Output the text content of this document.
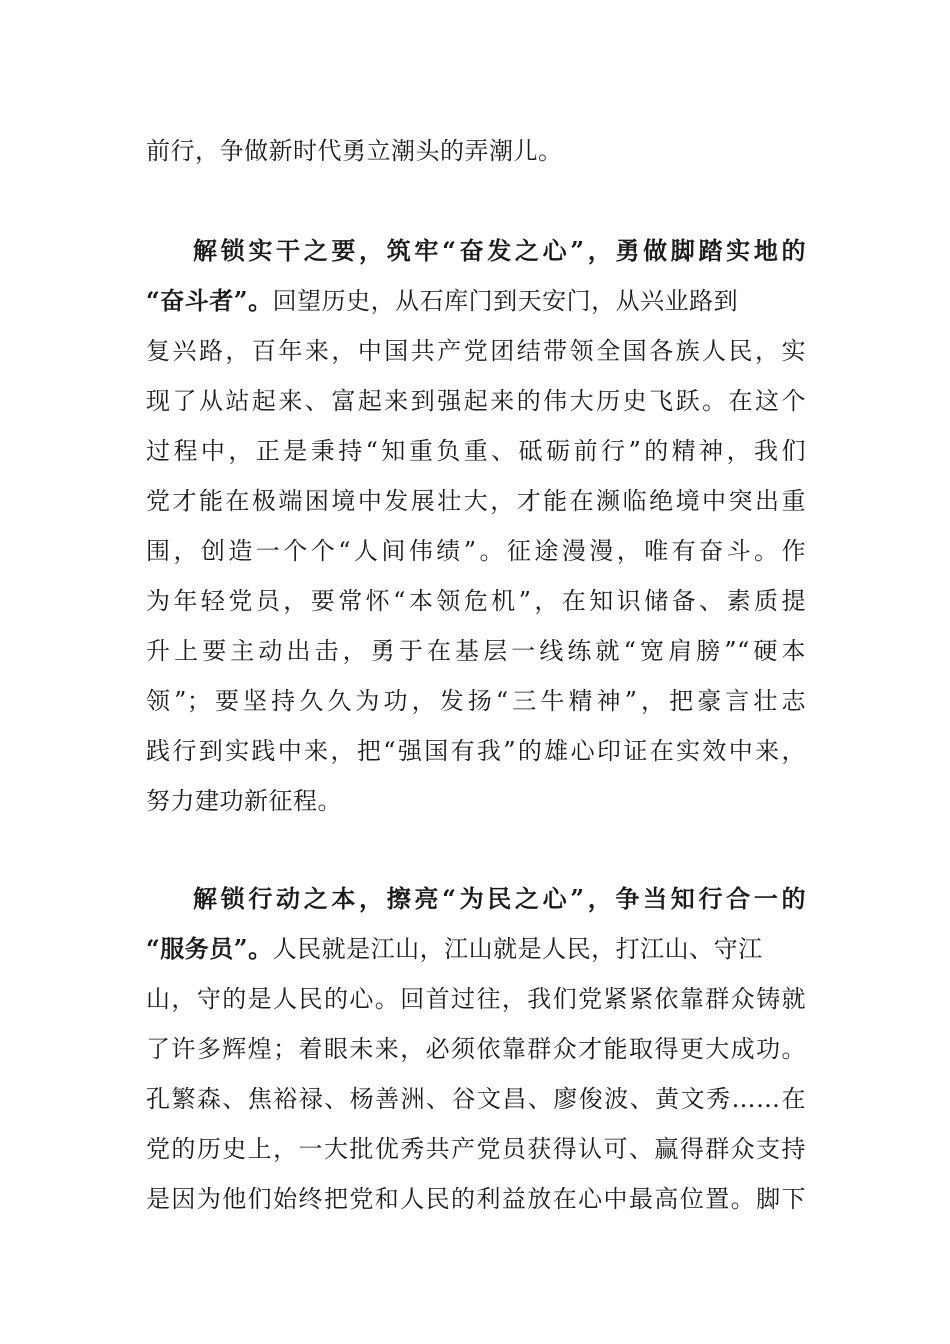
前行，争做新时代勇立潮头的弄潮儿。
解锁实干之要，筑牢“奋发之心”，勇做脚踏实地的
“奋斗者”。回望历史，从石库门到天安门，从兴业路到
复兴路，百年来，中国共产党团结带领全国各族人民，实
现了从站起来、富起来到强起来的伟大历史飞跃。在这个
过程中，正是秉持“知重负重、砥砺前行”的精神，我们
党才能在极端困境中发展壮大，才能在濒临绝境中突出重
围，创造一个个“人间伟绩”。征途漫漫，唯有奋斗。作
为年轻党员，要常怀“本领危机”，在知识储备、素质提
升上要主动出击，勇于在基层一线练就“宽肩膀”“硬本
领”；要坚持久久为功，发扬“三牛精神”，把豪言壮志
践行到实践中来，把“强国有我”的雄心印证在实效中来，
努力建功新征程。
解锁行动之本，擦亮“为民之心”，争当知行合一的
“服务员”。人民就是江山，江山就是人民，打江山、守江
山，守的是人民的心。回首过往，我们党紧紧依靠群众铸就
了许多辉煌；着眼未来，必须依靠群众才能取得更大成功。
孔繁森、焦裕禄、杨善洲、谷文昌、廖俊波、黄文秀……在
党的历史上，一大批优秀共产党员获得认可、赢得群众支持
是因为他们始终把党和人民的利益放在心中最高位置。脚下
